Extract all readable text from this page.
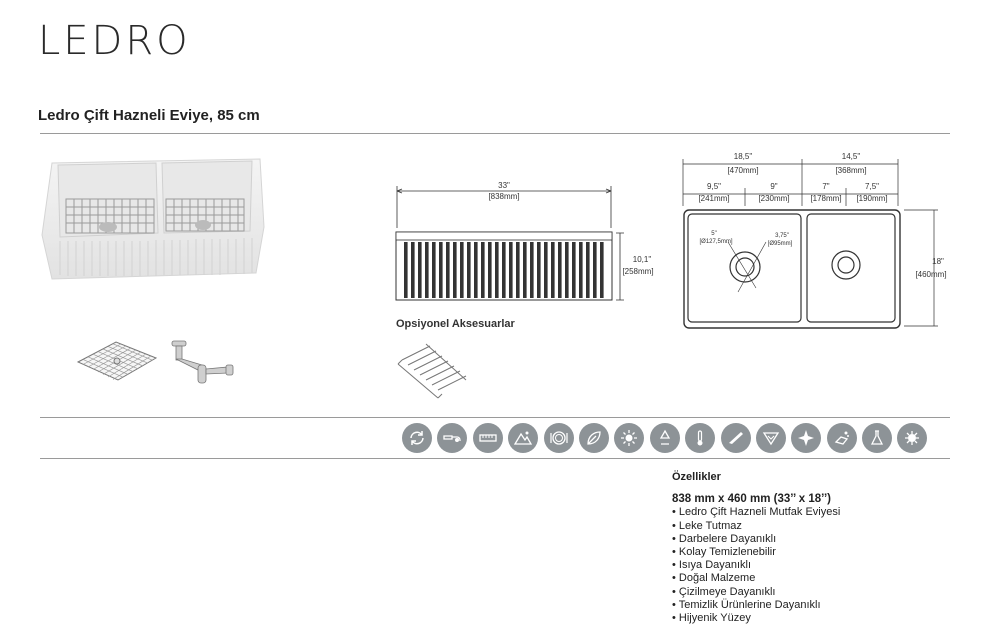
LEDRO
Ledro Çift Hazneli Eviye, 85 cm
33"
[838mm]
10,1"
[258mm]
Opsiyonel Aksesuarlar
18,5"
[470mm]
14,5"
[368mm]
9,5"
[241mm]
9"
[230mm]
7"
[178mm]
7,5"
[190mm]
18"
[460mm]
5"
[Ø127,5mm]
3,75"
[Ø95mm]
Özellikler
838 mm x 460 mm (33’’ x 18’’)
• Ledro Çift Hazneli Mutfak Eviyesi
• Leke Tutmaz
• Darbelere Dayanıklı
• Kolay Temizlenebilir
• Isıya Dayanıklı
• Doğal Malzeme
• Çizilmeye Dayanıklı
• Temizlik Ürünlerine Dayanıklı
• Hijyenik Yüzey
